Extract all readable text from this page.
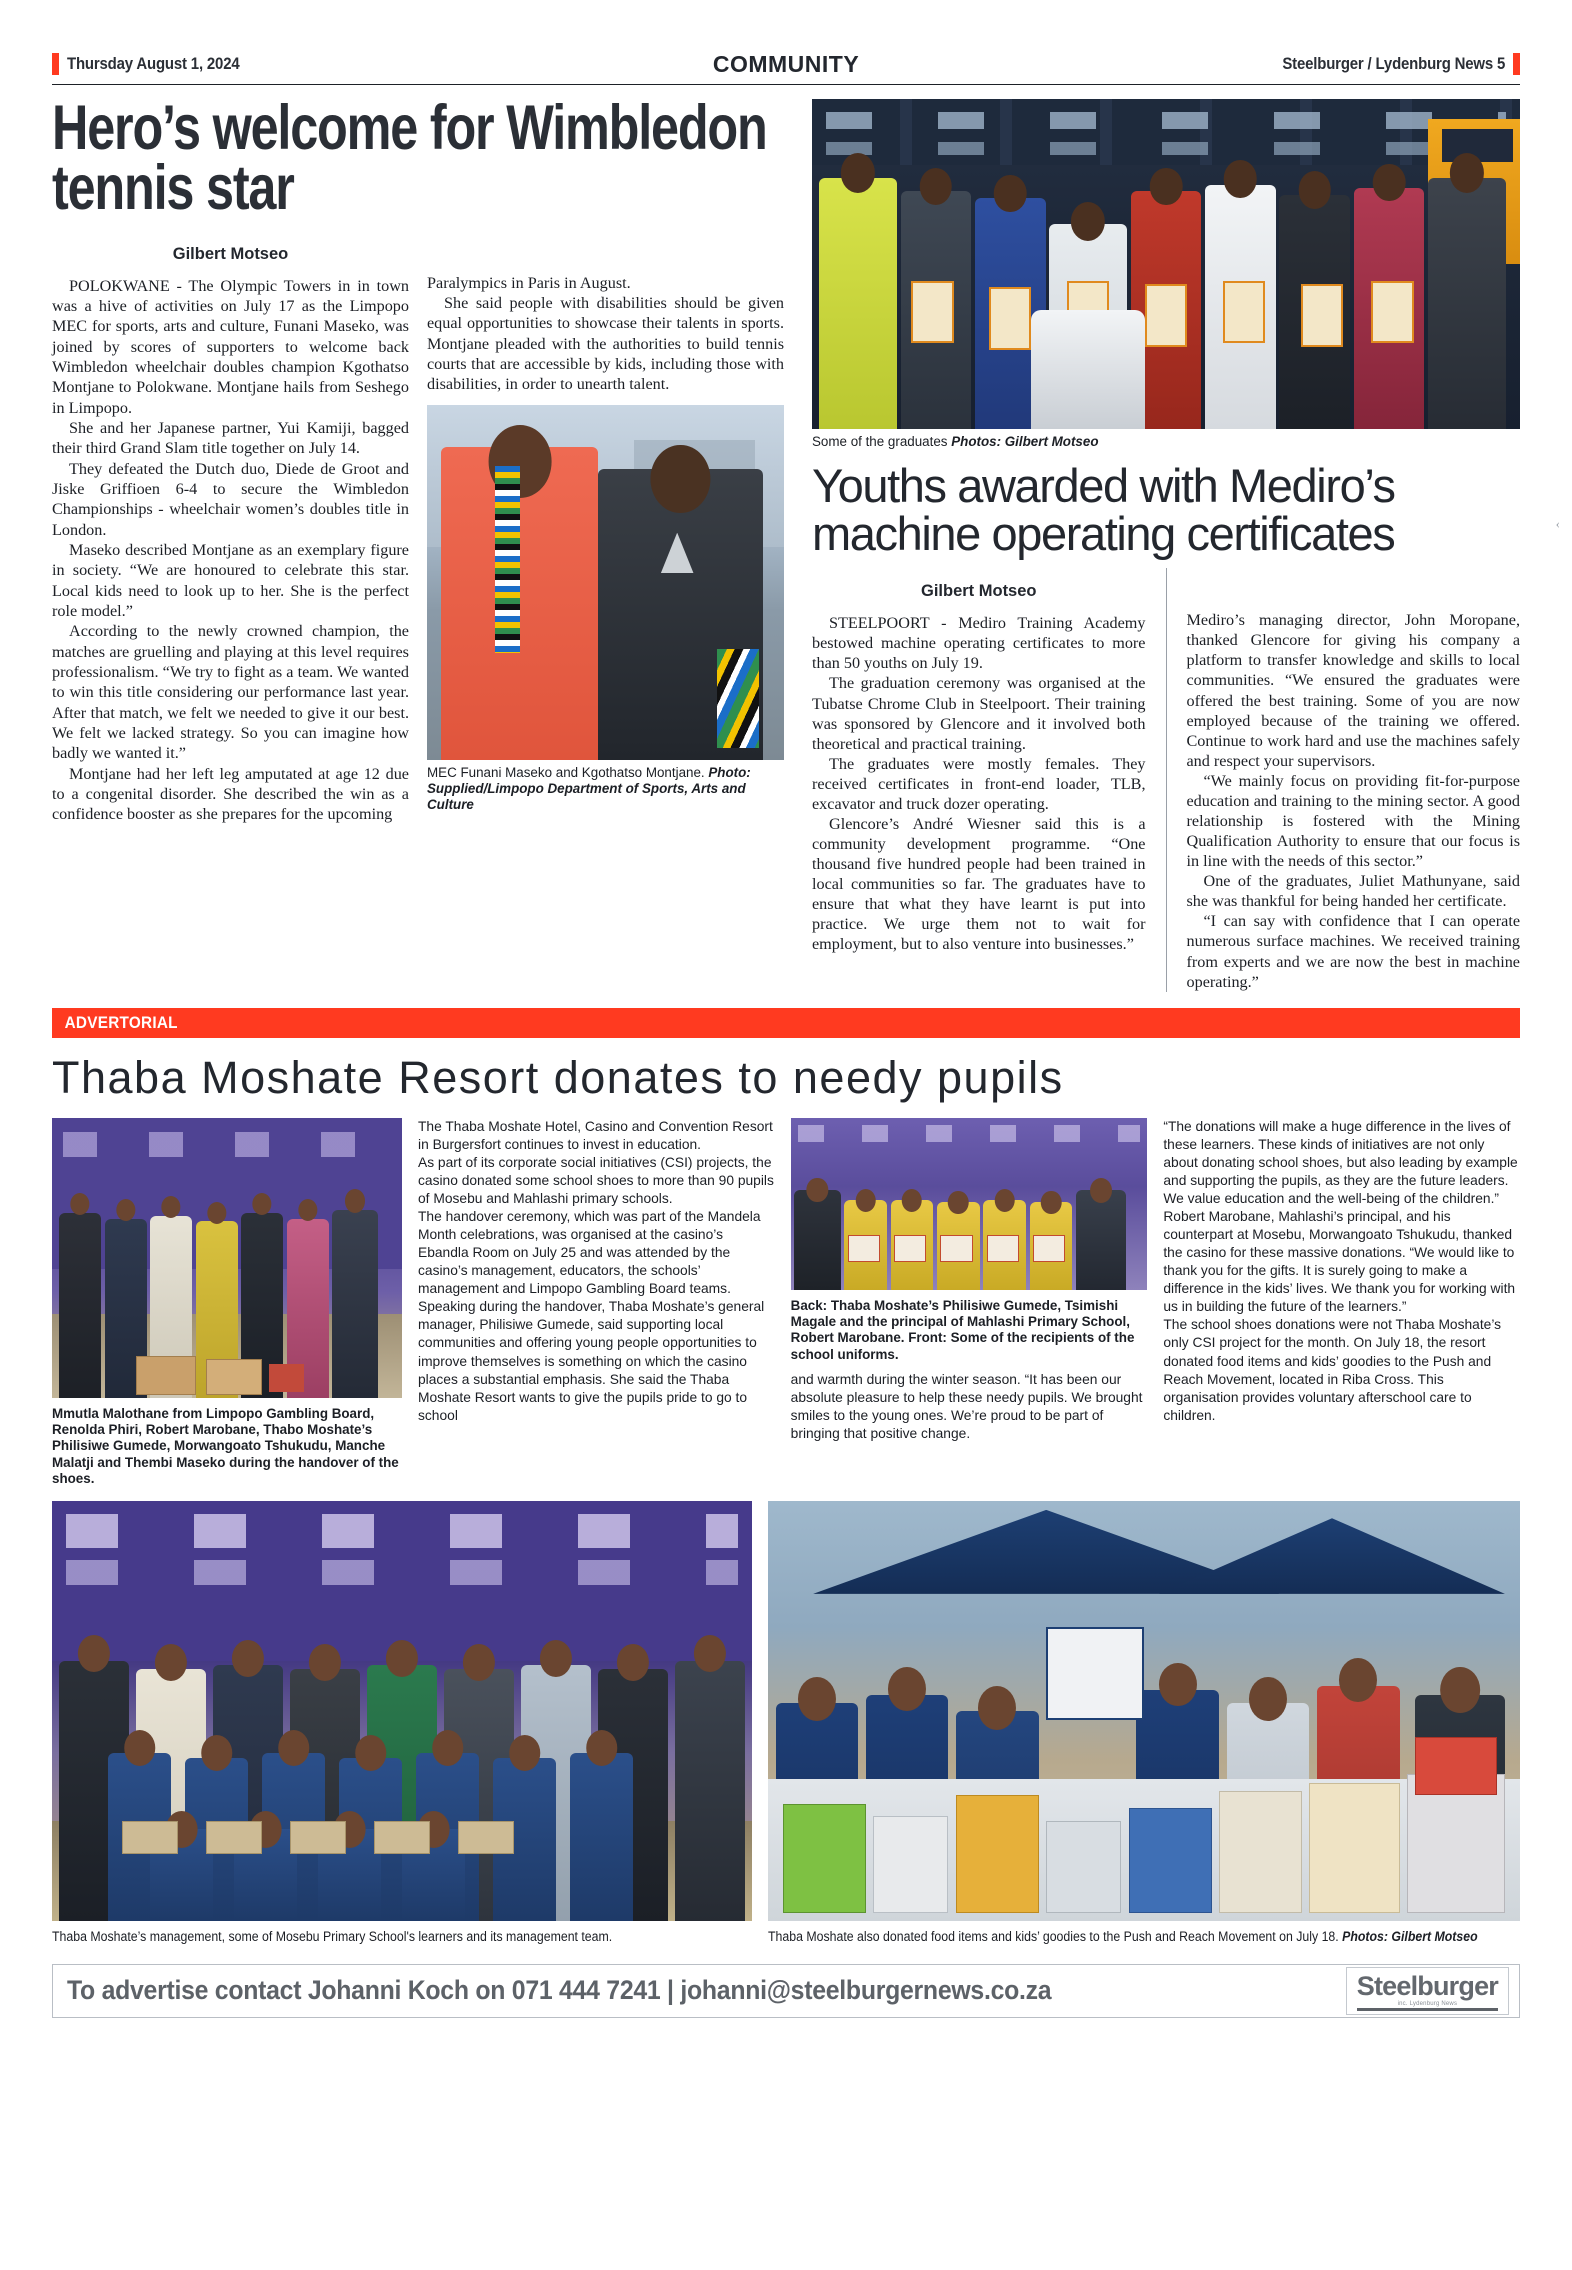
Thursday August 1, 2024	COMMUNITY	Steelburger / Lydenburg News 5
‹
Hero’s welcome for Wimbledon tennis star
Gilbert Motseo

POLOKWANE - The Olympic Towers in in town was a hive of activities on July 17 as the Limpopo MEC for sports, arts and culture, Funani Maseko, was joined by scores of supporters to welcome back Wimbledon wheelchair doubles champion Kgothatso Montjane to Polokwane. Montjane hails from Seshego in Limpopo.

She and her Japanese partner, Yui Kamiji, bagged their third Grand Slam title together on July 14.

They defeated the Dutch duo, Diede de Groot and Jiske Griffioen 6-4 to secure the Wimbledon Championships - wheelchair women’s doubles title in London.

Maseko described Montjane as an exemplary figure in society. “We are honoured to celebrate this star. Local kids need to look up to her. She is the perfect role model.”

According to the newly crowned champion, the matches are gruelling and playing at this level requires professionalism. “We try to fight as a team. We wanted to win this title considering our performance last year. After that match, we felt we needed to give it our best. We felt we lacked strategy. So you can imagine how badly we wanted it.”

Montjane had her left leg amputated at age 12 due to a congenital disorder. She described the win as a confidence booster as she prepares for the upcoming

Paralympics in Paris in August.

She said people with disabilities should be given equal opportunities to showcase their talents in sports. Montjane pleaded with the authorities to build tennis courts that are accessible by kids, including those with disabilities, in order to unearth talent.

MEC Funani Maseko and Kgothatso Montjane. Photo: Supplied/Limpopo Department of Sports, Arts and Culture
Some of the graduates Photos: Gilbert Motseo
Youths awarded with Mediro’s machine operating certificates
Gilbert Motseo

STEELPOORT - Mediro Training Academy bestowed machine operating certificates to more than 50 youths on July 19.

The graduation ceremony was organised at the Tubatse Chrome Club in Steelpoort. Their training was sponsored by Glencore and it involved both theoretical and practical training.

The graduates were mostly females. They received certificates in front-end loader, TLB, excavator and truck dozer operating.

Glencore’s André Wiesner said this is a community development programme. “One thousand five hundred people had been trained in local communities so far. The graduates have to ensure that what they have learnt is put into practice. We urge them not to wait for employment, but to also venture into businesses.”

Mediro’s managing director, John Moropane, thanked Glencore for giving his company a platform to transfer knowledge and skills to local communities. “We ensured the graduates were offered the best training. Some of you are now employed because of the training we offered. Continue to work hard and use the machines safely and respect your supervisors.

“We mainly focus on providing fit-for-purpose education and training to the mining sector. A good relationship is fostered with the Mining Qualification Authority to ensure that our focus is in line with the needs of this sector.”

One of the graduates, Juliet Mathunyane, said she was thankful for being handed her certificate.

“I can say with confidence that I can operate numerous surface machines. We received training from experts and we are now the best in machine operating.”

ADVERTORIAL
Thaba Moshate Resort donates to needy pupils
Mmutla Malothane from Limpopo Gambling Board, Renolda Phiri, Robert Marobane, Thabo Moshate’s Philisiwe Gumede, Morwangoato Tshukudu, Manche Malatji and Thembi Maseko during the handover of the shoes.

The Thaba Moshate Hotel, Casino and Convention Resort in Burgersfort continues to invest in education.

As part of its corporate social initiatives (CSI) projects, the casino donated some school shoes to more than 90 pupils of Mosebu and Mahlashi primary schools.

The handover ceremony, which was part of the Mandela Month celebrations, was organised at the casino’s Ebandla Room on July 25 and was attended by the casino’s management, educators, the schools’ management and Limpopo Gambling Board teams.

Speaking during the handover, Thaba Moshate’s general manager, Philisiwe Gumede, said supporting local communities and offering young people opportunities to improve themselves is something on which the casino places a substantial emphasis. She said the Thaba Moshate Resort wants to give the pupils pride to go to school

Back: Thaba Moshate’s Philisiwe Gumede, Tsimishi Magale and the principal of Mahlashi Primary School, Robert Marobane. Front: Some of the recipients of the school uniforms.

and warmth during the winter season. “It has been our absolute pleasure to help these needy pupils. We brought smiles to the young ones. We’re proud to be part of bringing that positive change.

“The donations will make a huge difference in the lives of these learners. These kinds of initiatives are not only about donating school shoes, but also leading by example and supporting the pupils, as they are the future leaders. We value education and the well-being of the children.”

Robert Marobane, Mahlashi’s principal, and his counterpart at Mosebu, Morwangoato Tshukudu, thanked the casino for these massive donations. “We would like to thank you for the gifts. It is surely going to make a difference in the kids’ lives. We thank you for working with us in building the future of the learners.”

The school shoes donations were not Thaba Moshate’s only CSI project for the month. On July 18, the resort donated food items and kids’ goodies to the Push and Reach Movement, located in Riba Cross. This organisation provides voluntary afterschool care to children.

Thaba Moshate’s management, some of Mosebu Primary School's learners and its management team.	Thaba Moshate also donated food items and kids’ goodies to the Push and Reach Movement on July 18. Photos: Gilbert Motseo
To advertise contact Johanni Koch on 071 444 7241 | johanni@steelburgernews.co.za	Steelburger
inc. Lydenburg News
